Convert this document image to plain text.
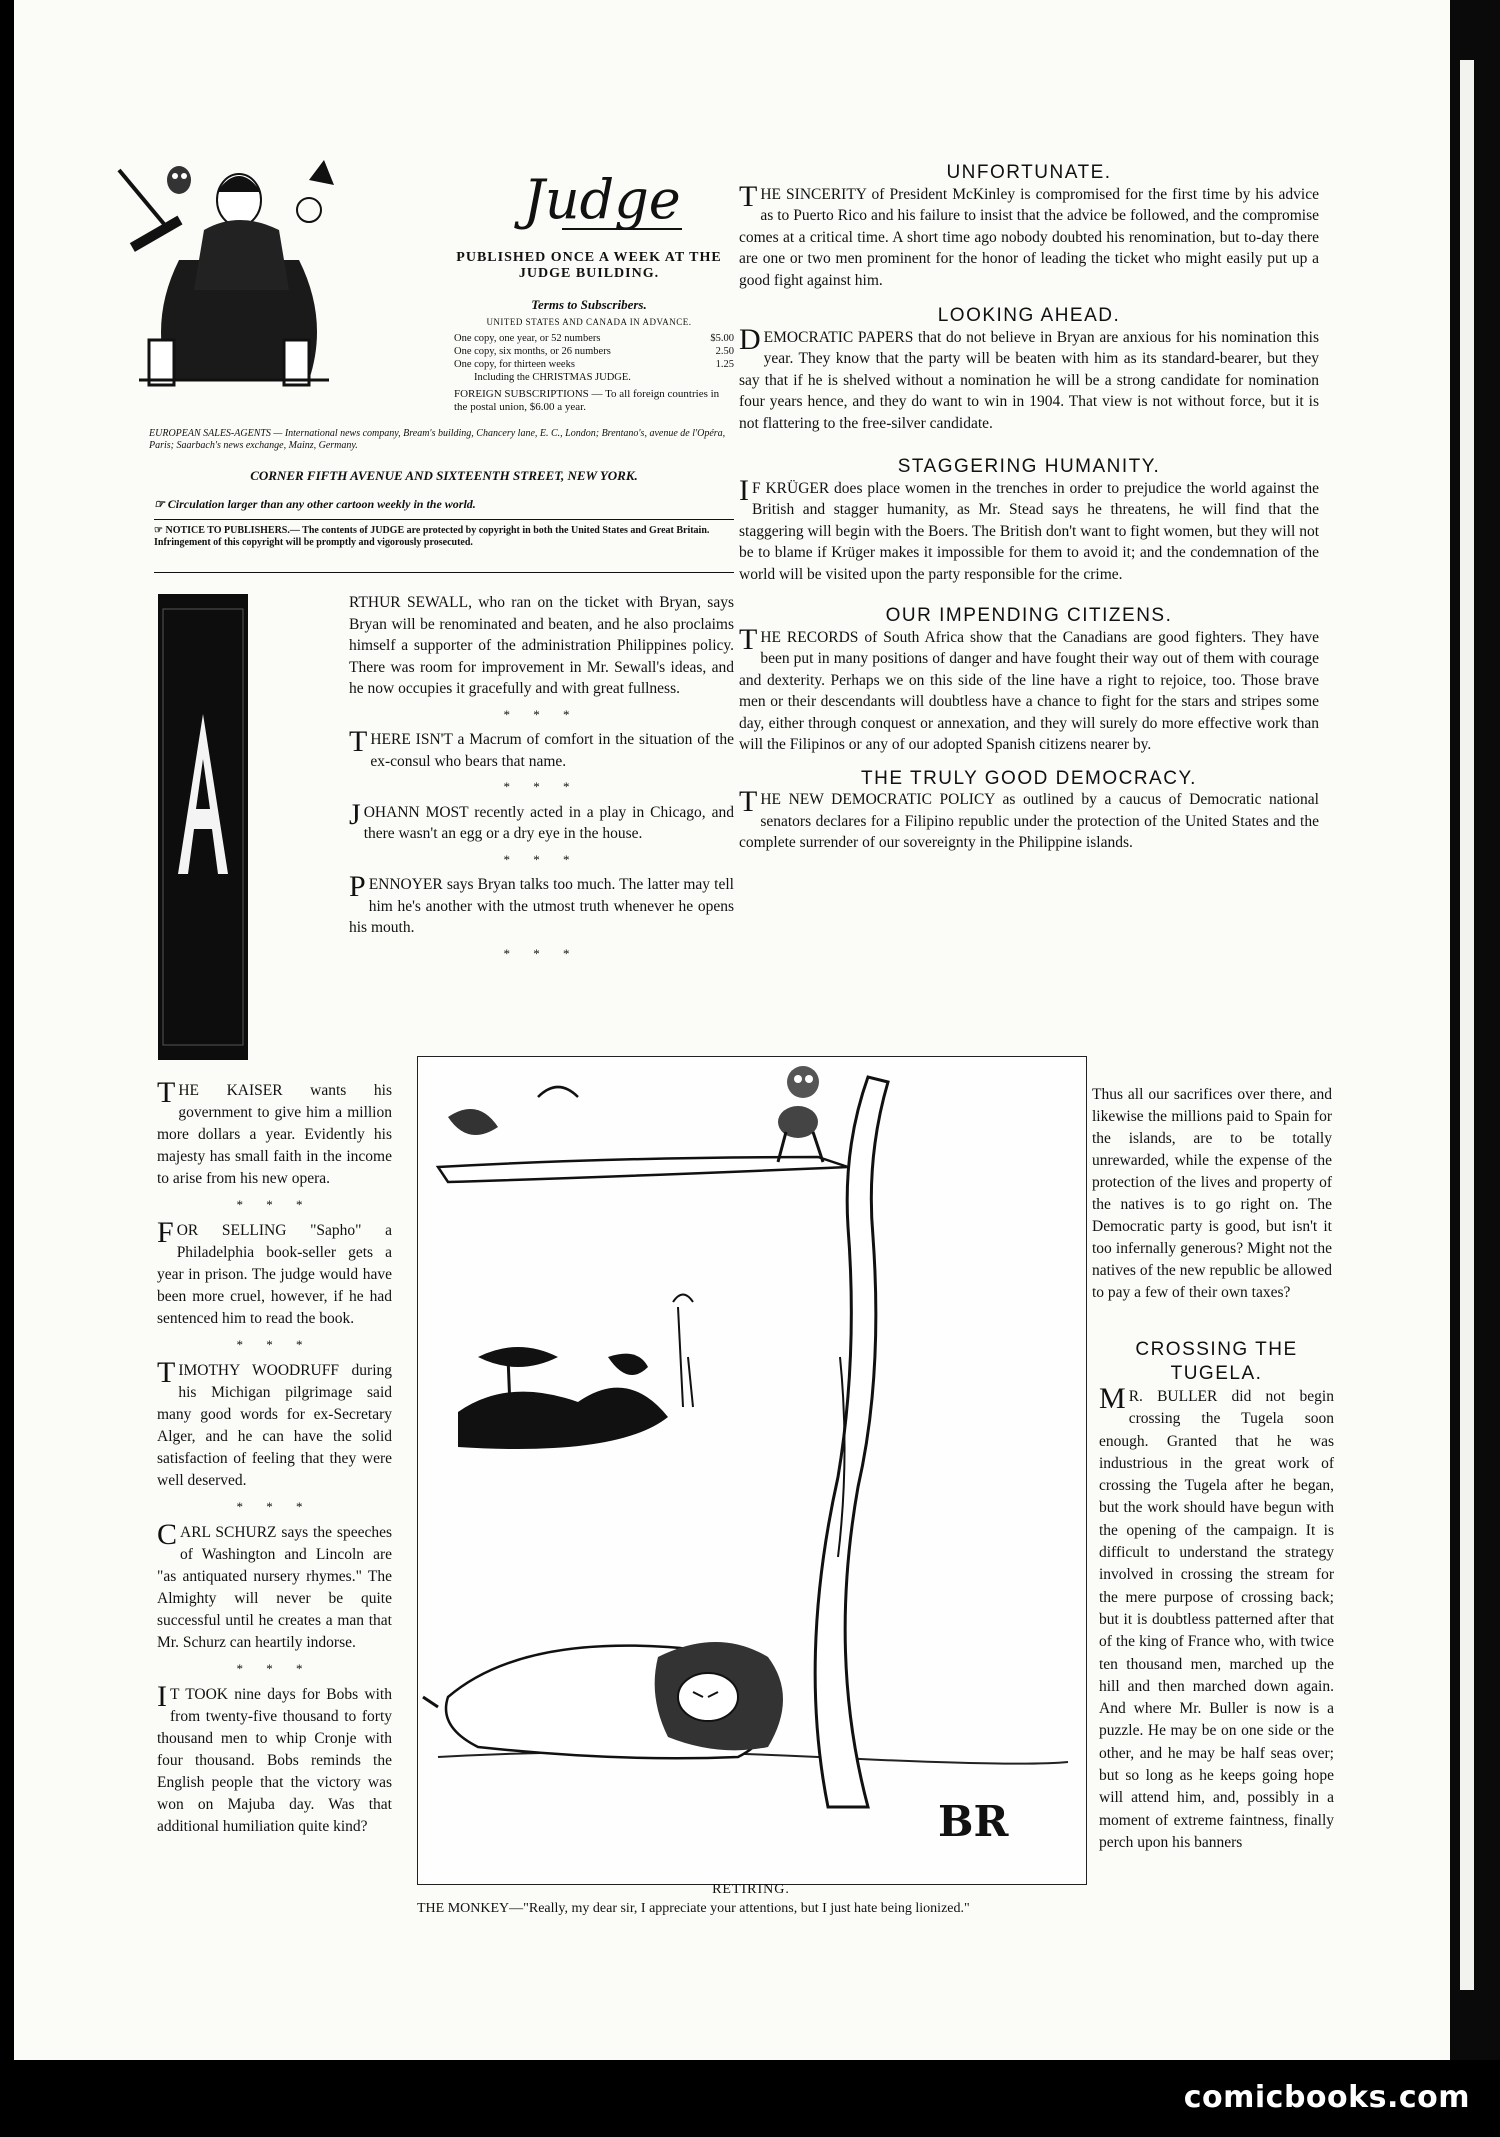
Judge
PUBLISHED ONCE A WEEK AT THE JUDGE BUILDING.
Terms to Subscribers.
UNITED STATES AND CANADA IN ADVANCE.
One copy, one year, or 52 numbers	$5.00
One copy, six months, or 26 numbers	2.50
One copy, for thirteen weeks	1.25
Including the CHRISTMAS JUDGE.
FOREIGN SUBSCRIPTIONS — To all foreign countries in the postal union, $6.00 a year.
EUROPEAN SALES-AGENTS — International news company, Bream's building, Chancery lane, E. C., London; Brentano's, avenue de l'Opéra, Paris; Saarbach's news exchange, Mainz, Germany.
CORNER FIFTH AVENUE AND SIXTEENTH STREET, NEW YORK.
☞ Circulation larger than any other cartoon weekly in the world.
☞ NOTICE TO PUBLISHERS.— The contents of JUDGE are protected by copyright in both the United States and Great Britain. Infringement of this copyright will be promptly and vigorously prosecuted.

RTHUR SEWALL, who ran on the ticket with Bryan, says Bryan will be renominated and beaten, and he also proclaims himself a supporter of the administration Philippines policy. There was room for improvement in Mr. Sewall's ideas, and he now occupies it gracefully and with great fullness.

* * *

THERE ISN'T a Macrum of comfort in the situation of the ex-consul who bears that name.

* * *

JOHANN MOST recently acted in a play in Chicago, and there wasn't an egg or a dry eye in the house.

* * *

PENNOYER says Bryan talks too much. The latter may tell him he's another with the utmost truth whenever he opens his mouth.

* * *

THE KAISER wants his government to give him a million more dollars a year. Evidently his majesty has small faith in the income to arise from his new opera.

* * *

FOR SELLING "Sapho" a Philadelphia book-seller gets a year in prison. The judge would have been more cruel, however, if he had sentenced him to read the book.

* * *

TIMOTHY WOODRUFF during his Michigan pilgrimage said many good words for ex-Secretary Alger, and he can have the solid satisfaction of feeling that they were well deserved.

* * *

CARL SCHURZ says the speeches of Washington and Lincoln are "as antiquated nursery rhymes." The Almighty will never be quite successful until he creates a man that Mr. Schurz can heartily indorse.

* * *

I T TOOK nine days for Bobs with from twenty-five thousand to forty thousand men to whip Cronje with four thousand. Bobs reminds the English people that the victory was won on Majuba day. Was that additional humiliation quite kind?

UNFORTUNATE.

THE SINCERITY of President McKinley is compromised for the first time by his advice as to Puerto Rico and his failure to insist that the advice be followed, and the compromise comes at a critical time. A short time ago nobody doubted his renomination, but to-day there are one or two men prominent for the honor of leading the ticket who might easily put up a good fight against him.

LOOKING AHEAD.

DEMOCRATIC PAPERS that do not believe in Bryan are anxious for his nomination this year. They know that the party will be beaten with him as its standard-bearer, but they say that if he is shelved without a nomination he will be a strong candidate for nomination four years hence, and they do want to win in 1904. That view is not without force, but it is not flattering to the free-silver candidate.

STAGGERING HUMANITY.

I F KRÜGER does place women in the trenches in order to prejudice the world against the British and stagger humanity, as Mr. Stead says he threatens, he will find that the staggering will begin with the Boers. The British don't want to fight women, but they will not be to blame if Krüger makes it impossible for them to avoid it; and the condemnation of the world will be visited upon the party responsible for the crime.

OUR IMPENDING CITIZENS.

THE RECORDS of South Africa show that the Canadians are good fighters. They have been put in many positions of danger and have fought their way out of them with courage and dexterity. Perhaps we on this side of the line have a right to rejoice, too. Those brave men or their descendants will doubtless have a chance to fight for the stars and stripes some day, either through conquest or annexation, and they will surely do more effective work than will the Filipinos or any of our adopted Spanish citizens nearer by.

THE TRULY GOOD DEMOCRACY.

THE NEW DEMOCRATIC POLICY as outlined by a caucus of Democratic national senators declares for a Filipino republic under the protection of the United States and the complete surrender of our sovereignty in the Philippine islands.

Thus all our sacrifices over there, and likewise the millions paid to Spain for the islands, are to be totally unrewarded, while the expense of the protection of the lives and property of the natives is to go right on. The Democratic party is good, but isn't it too infernally generous? Might not the natives of the new republic be allowed to pay a few of their own taxes?
CROSSING THE TUGELA.

M R. BULLER did not begin crossing the Tugela soon enough. Granted that he was industrious in the great work of crossing the Tugela after he began, but the work should have begun with the opening of the campaign. It is difficult to understand the strategy involved in crossing the stream for the mere purpose of crossing back; but it is doubtless patterned after that of the king of France who, with twice ten thousand men, marched up the hill and then marched down again. And where Mr. Buller is now is a puzzle. He may be on one side or the other, and he may be half seas over; but so long as he keeps going hope will attend him, and, possibly in a moment of extreme faintness, finally perch upon his banners

BR
RETIRING.
THE MONKEY—"Really, my dear sir, I appreciate your attentions, but I just hate being lionized."
comicbooks.com
